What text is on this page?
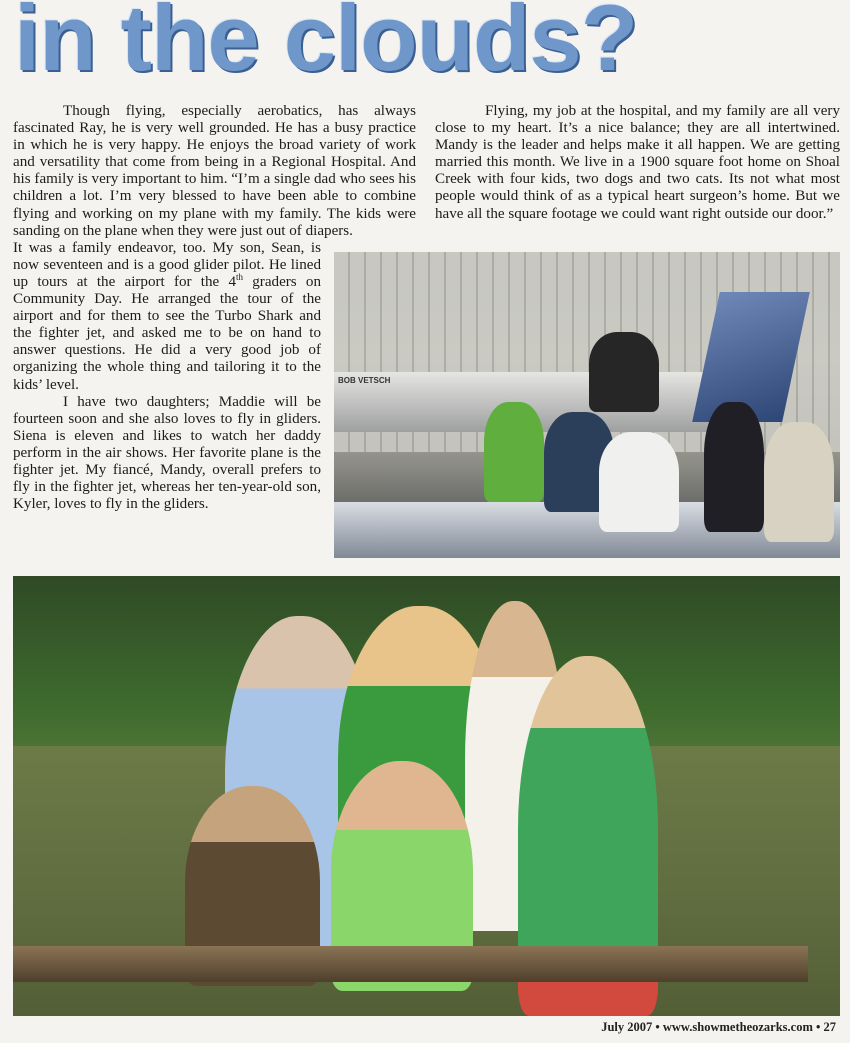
in the clouds?

Though flying, especially aerobatics, has always fascinated Ray, he is very well grounded. He has a busy practice in which he is very happy. He enjoys the broad variety of work and versatility that come from being in a Regional Hospital. And his family is very important to him. “I’m a single dad who sees his children a lot. I’m very blessed to have been able to combine flying and working on my plane with my family. The kids were sanding on the plane when they were just out of diapers.

It was a family endeavor, too. My son, Sean, is now seventeen and is a good glider pilot. He lined up tours at the airport for the 4th graders on Community Day. He arranged the tour of the airport and for them to see the Turbo Shark and the fighter jet, and asked me to be on hand to answer questions. He did a very good job of organizing the whole thing and tailoring it to the kids’ level.

I have two daughters; Maddie will be fourteen soon and she also loves to fly in gliders. Siena is eleven and likes to watch her daddy perform in the air shows. Her favorite plane is the fighter jet. My fiancé, Mandy, overall prefers to fly in the fighter jet, whereas her ten-year-old son, Kyler, loves to fly in the gliders.

Flying, my job at the hospital, and my family are all very close to my heart. It’s a nice balance; they are all intertwined. Mandy is the leader and helps make it all happen. We are getting married this month. We live in a 1900 square foot home on Shoal Creek with four kids, two dogs and two cats. Its not what most people would think of as a typical heart surgeon’s home. But we have all the square footage we could want right outside our door.”

BOB VETSCH
July 2007 • www.showmetheozarks.com • 27
